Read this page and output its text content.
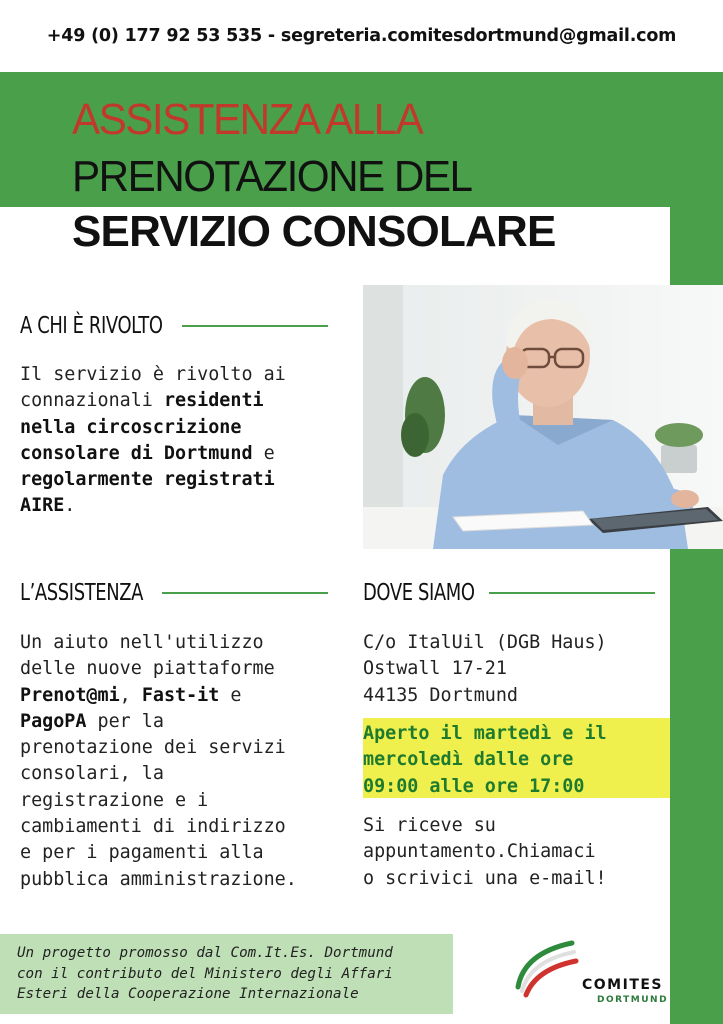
+49 (0) 177 92 53 535 - segreteria.comitesdortmund@gmail.com
ASSISTENZA ALLA
PRENOTAZIONE DEL
SERVIZIO CONSOLARE
A CHI È RIVOLTO
Il servizio è rivolto ai
connazionali residenti
nella circoscrizione
consolare di Dortmund e
regolarmente registrati
AIRE.
L’ASSISTENZA
Un aiuto nell'utilizzo
delle nuove piattaforme
Prenot@mi, Fast-it e
PagoPA per la
prenotazione dei servizi
consolari, la
registrazione e i
cambiamenti di indirizzo
e per i pagamenti alla
pubblica amministrazione.
DOVE SIAMO
C/o ItalUil (DGB Haus)
Ostwall 17-21
44135 Dortmund
Aperto il martedì e il
mercoledì dalle ore
09:00 alle ore 17:00
Si riceve su
appuntamento.Chiamaci
o scrivici una e-mail!
Un progetto promosso dal Com.It.Es. Dortmund
con il contributo del Ministero degli Affari
Esteri della Cooperazione Internazionale
COMITES
DORTMUND
